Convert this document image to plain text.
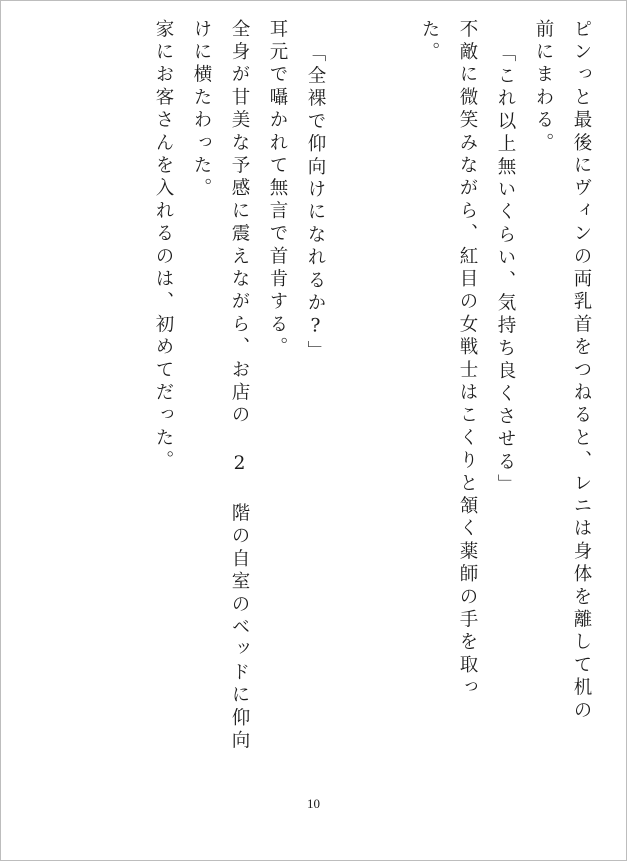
ピンっと最後にヴィンの両乳首をつねると、レニは身体を離して机の
前にまわる。
「これ以上無いくらい、気持ち良くさせる」
不敵に微笑みながら、紅目の女戦士はこくりと頷く薬師の手を取っ
た。
「全裸で仰向けになれるか?」
耳元で囁かれて無言で首肯する。
全身が甘美な予感に震えながら、お店の 2 階の自室のベッドに仰向
けに横たわった。
家にお客さんを入れるのは、初めてだった。
10
